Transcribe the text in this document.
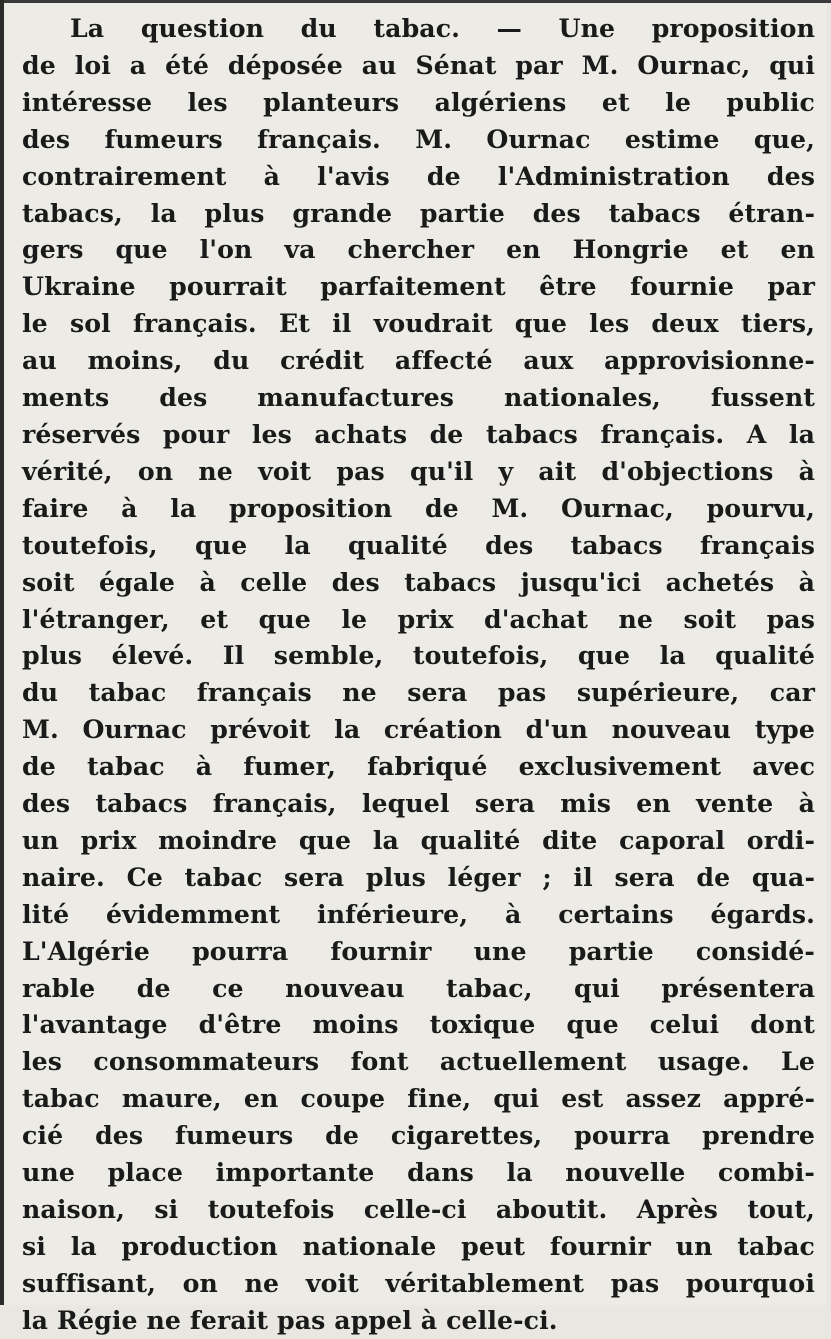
La question du tabac. — Une proposition
de loi a été déposée au Sénat par M. Ournac, qui
intéresse les planteurs algériens et le public
des fumeurs français. M. Ournac estime que,
contrairement à l'avis de l'Administration des
tabacs, la plus grande partie des tabacs étran-
gers que l'on va chercher en Hongrie et en
Ukraine pourrait parfaitement être fournie par
le sol français. Et il voudrait que les deux tiers,
au moins, du crédit affecté aux approvisionne-
ments des manufactures nationales, fussent
réservés pour les achats de tabacs français. A la
vérité, on ne voit pas qu'il y ait d'objections à
faire à la proposition de M. Ournac, pourvu,
toutefois, que la qualité des tabacs français
soit égale à celle des tabacs jusqu'ici achetés à
l'étranger, et que le prix d'achat ne soit pas
plus élevé. Il semble, toutefois, que la qualité
du tabac français ne sera pas supérieure, car
M. Ournac prévoit la création d'un nouveau type
de tabac à fumer, fabriqué exclusivement avec
des tabacs français, lequel sera mis en vente à
un prix moindre que la qualité dite caporal ordi-
naire. Ce tabac sera plus léger ; il sera de qua-
lité évidemment inférieure, à certains égards.
L'Algérie pourra fournir une partie considé-
rable de ce nouveau tabac, qui présentera
l'avantage d'être moins toxique que celui dont
les consommateurs font actuellement usage. Le
tabac maure, en coupe fine, qui est assez appré-
cié des fumeurs de cigarettes, pourra prendre
une place importante dans la nouvelle combi-
naison, si toutefois celle-ci aboutit. Après tout,
si la production nationale peut fournir un tabac
suffisant, on ne voit véritablement pas pourquoi
la Régie ne ferait pas appel à celle-ci.
